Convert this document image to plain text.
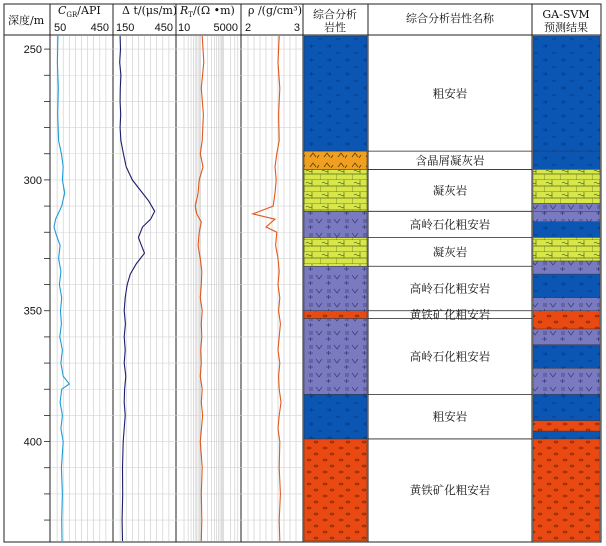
深度/m
$C_{GR}$/API
50 450
Δ t/(μs/m)
150 450
$R_T/(\Omega$ •m)
10 5000
ρ /(g/cm³)
2	3
综合分析岩性
综合分析岩性名称	GA-SVM 预测结果
250
300
350
400
粗安岩
含晶屑凝灰岩
凝灰岩
高岭石化粗安岩
凝灰岩
高岭石化粗安岩
黄铁矿化粗安岩
高岭石化粗安岩
粗安岩
黄铁矿化粗安岩
